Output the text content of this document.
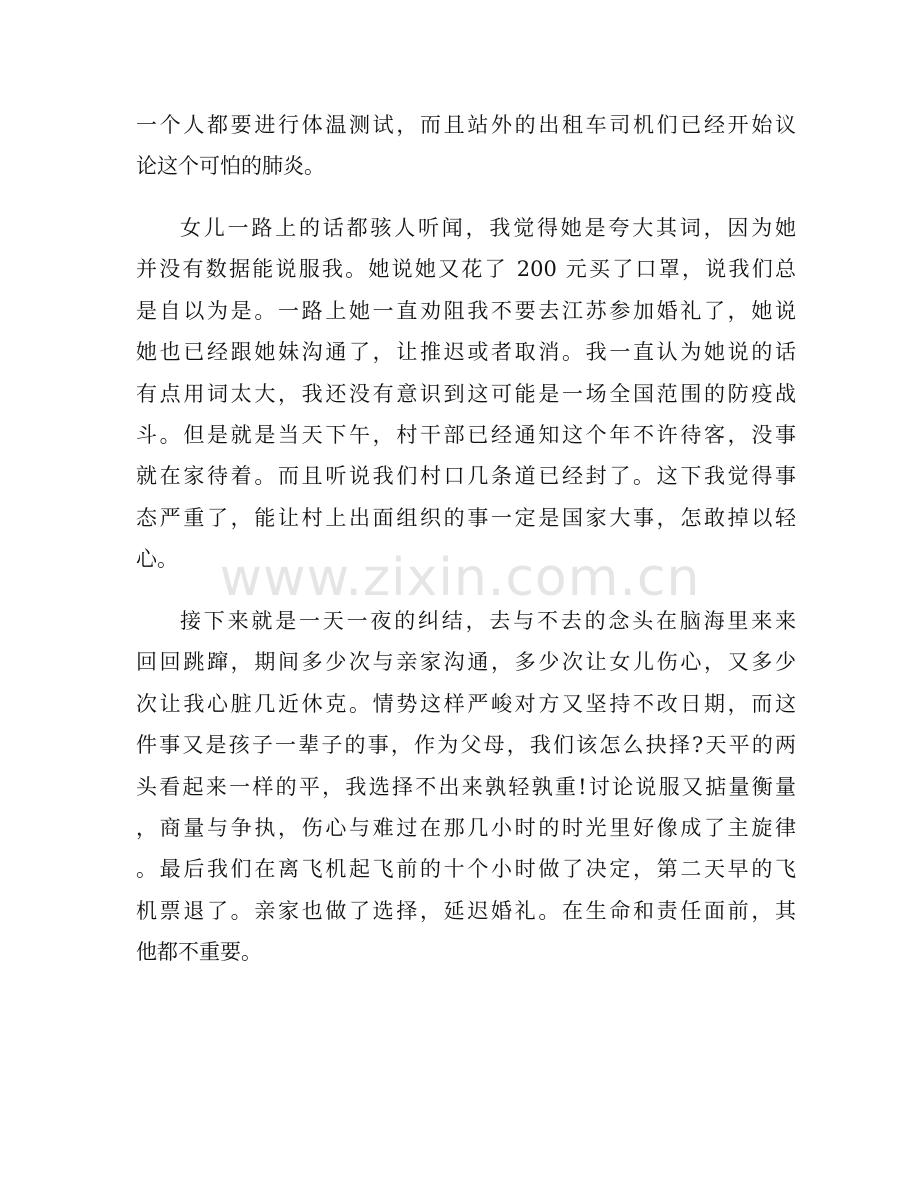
一个人都要进行体温测试，而且站外的出租车司机们已经开始议
论这个可怕的肺炎。
女儿一路上的话都骇人听闻，我觉得她是夸大其词，因为她
并没有数据能说服我。她说她又花了 200 元买了口罩，说我们总
是自以为是。一路上她一直劝阻我不要去江苏参加婚礼了，她说
她也已经跟她妹沟通了，让推迟或者取消。我一直认为她说的话
有点用词太大，我还没有意识到这可能是一场全国范围的防疫战
斗。但是就是当天下午，村干部已经通知这个年不许待客，没事
就在家待着。而且听说我们村口几条道已经封了。这下我觉得事
态严重了，能让村上出面组织的事一定是国家大事，怎敢掉以轻
心。
接下来就是一天一夜的纠结，去与不去的念头在脑海里来来
回回跳蹿，期间多少次与亲家沟通，多少次让女儿伤心，又多少
次让我心脏几近休克。情势这样严峻对方又坚持不改日期，而这
件事又是孩子一辈子的事，作为父母，我们该怎么抉择?天平的两
头看起来一样的平，我选择不出来孰轻孰重!讨论说服又掂量衡量
，商量与争执，伤心与难过在那几小时的时光里好像成了主旋律
。最后我们在离飞机起飞前的十个小时做了决定，第二天早的飞
机票退了。亲家也做了选择，延迟婚礼。在生命和责任面前，其
他都不重要。
www.zixin.com.cn
